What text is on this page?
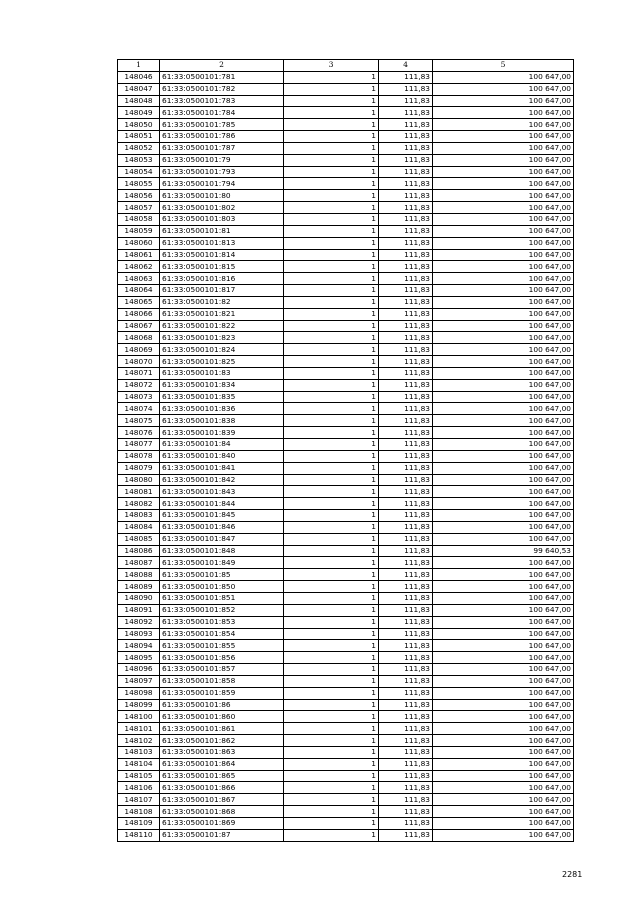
1	2	3	4	5
148046	61:33:0500101:781	1	111,83	100 647,00
148047	61:33:0500101:782	1	111,83	100 647,00
148048	61:33:0500101:783	1	111,83	100 647,00
148049	61:33:0500101:784	1	111,83	100 647,00
148050	61:33:0500101:785	1	111,83	100 647,00
148051	61:33:0500101:786	1	111,83	100 647,00
148052	61:33:0500101:787	1	111,83	100 647,00
148053	61:33:0500101:79	1	111,83	100 647,00
148054	61:33:0500101:793	1	111,83	100 647,00
148055	61:33:0500101:794	1	111,83	100 647,00
148056	61:33:0500101:80	1	111,83	100 647,00
148057	61:33:0500101:802	1	111,83	100 647,00
148058	61:33:0500101:803	1	111,83	100 647,00
148059	61:33:0500101:81	1	111,83	100 647,00
148060	61:33:0500101:813	1	111,83	100 647,00
148061	61:33:0500101:814	1	111,83	100 647,00
148062	61:33:0500101:815	1	111,83	100 647,00
148063	61:33:0500101:816	1	111,83	100 647,00
148064	61:33:0500101:817	1	111,83	100 647,00
148065	61:33:0500101:82	1	111,83	100 647,00
148066	61:33:0500101:821	1	111,83	100 647,00
148067	61:33:0500101:822	1	111,83	100 647,00
148068	61:33:0500101:823	1	111,83	100 647,00
148069	61:33:0500101:824	1	111,83	100 647,00
148070	61:33:0500101:825	1	111,83	100 647,00
148071	61:33:0500101:83	1	111,83	100 647,00
148072	61:33:0500101:834	1	111,83	100 647,00
148073	61:33:0500101:835	1	111,83	100 647,00
148074	61:33:0500101:836	1	111,83	100 647,00
148075	61:33:0500101:838	1	111,83	100 647,00
148076	61:33:0500101:839	1	111,83	100 647,00
148077	61:33:0500101:84	1	111,83	100 647,00
148078	61:33:0500101:840	1	111,83	100 647,00
148079	61:33:0500101:841	1	111,83	100 647,00
148080	61:33:0500101:842	1	111,83	100 647,00
148081	61:33:0500101:843	1	111,83	100 647,00
148082	61:33:0500101:844	1	111,83	100 647,00
148083	61:33:0500101:845	1	111,83	100 647,00
148084	61:33:0500101:846	1	111,83	100 647,00
148085	61:33:0500101:847	1	111,83	100 647,00
148086	61:33:0500101:848	1	111,83	99 640,53
148087	61:33:0500101:849	1	111,83	100 647,00
148088	61:33:0500101:85	1	111,83	100 647,00
148089	61:33:0500101:850	1	111,83	100 647,00
148090	61:33:0500101:851	1	111,83	100 647,00
148091	61:33:0500101:852	1	111,83	100 647,00
148092	61:33:0500101:853	1	111,83	100 647,00
148093	61:33:0500101:854	1	111,83	100 647,00
148094	61:33:0500101:855	1	111,83	100 647,00
148095	61:33:0500101:856	1	111,83	100 647,00
148096	61:33:0500101:857	1	111,83	100 647,00
148097	61:33:0500101:858	1	111,83	100 647,00
148098	61:33:0500101:859	1	111,83	100 647,00
148099	61:33:0500101:86	1	111,83	100 647,00
148100	61:33:0500101:860	1	111,83	100 647,00
148101	61:33:0500101:861	1	111,83	100 647,00
148102	61:33:0500101:862	1	111,83	100 647,00
148103	61:33:0500101:863	1	111,83	100 647,00
148104	61:33:0500101:864	1	111,83	100 647,00
148105	61:33:0500101:865	1	111,83	100 647,00
148106	61:33:0500101:866	1	111,83	100 647,00
148107	61:33:0500101:867	1	111,83	100 647,00
148108	61:33:0500101:868	1	111,83	100 647,00
148109	61:33:0500101:869	1	111,83	100 647,00
148110	61:33:0500101:87	1	111,83	100 647,00
2281
